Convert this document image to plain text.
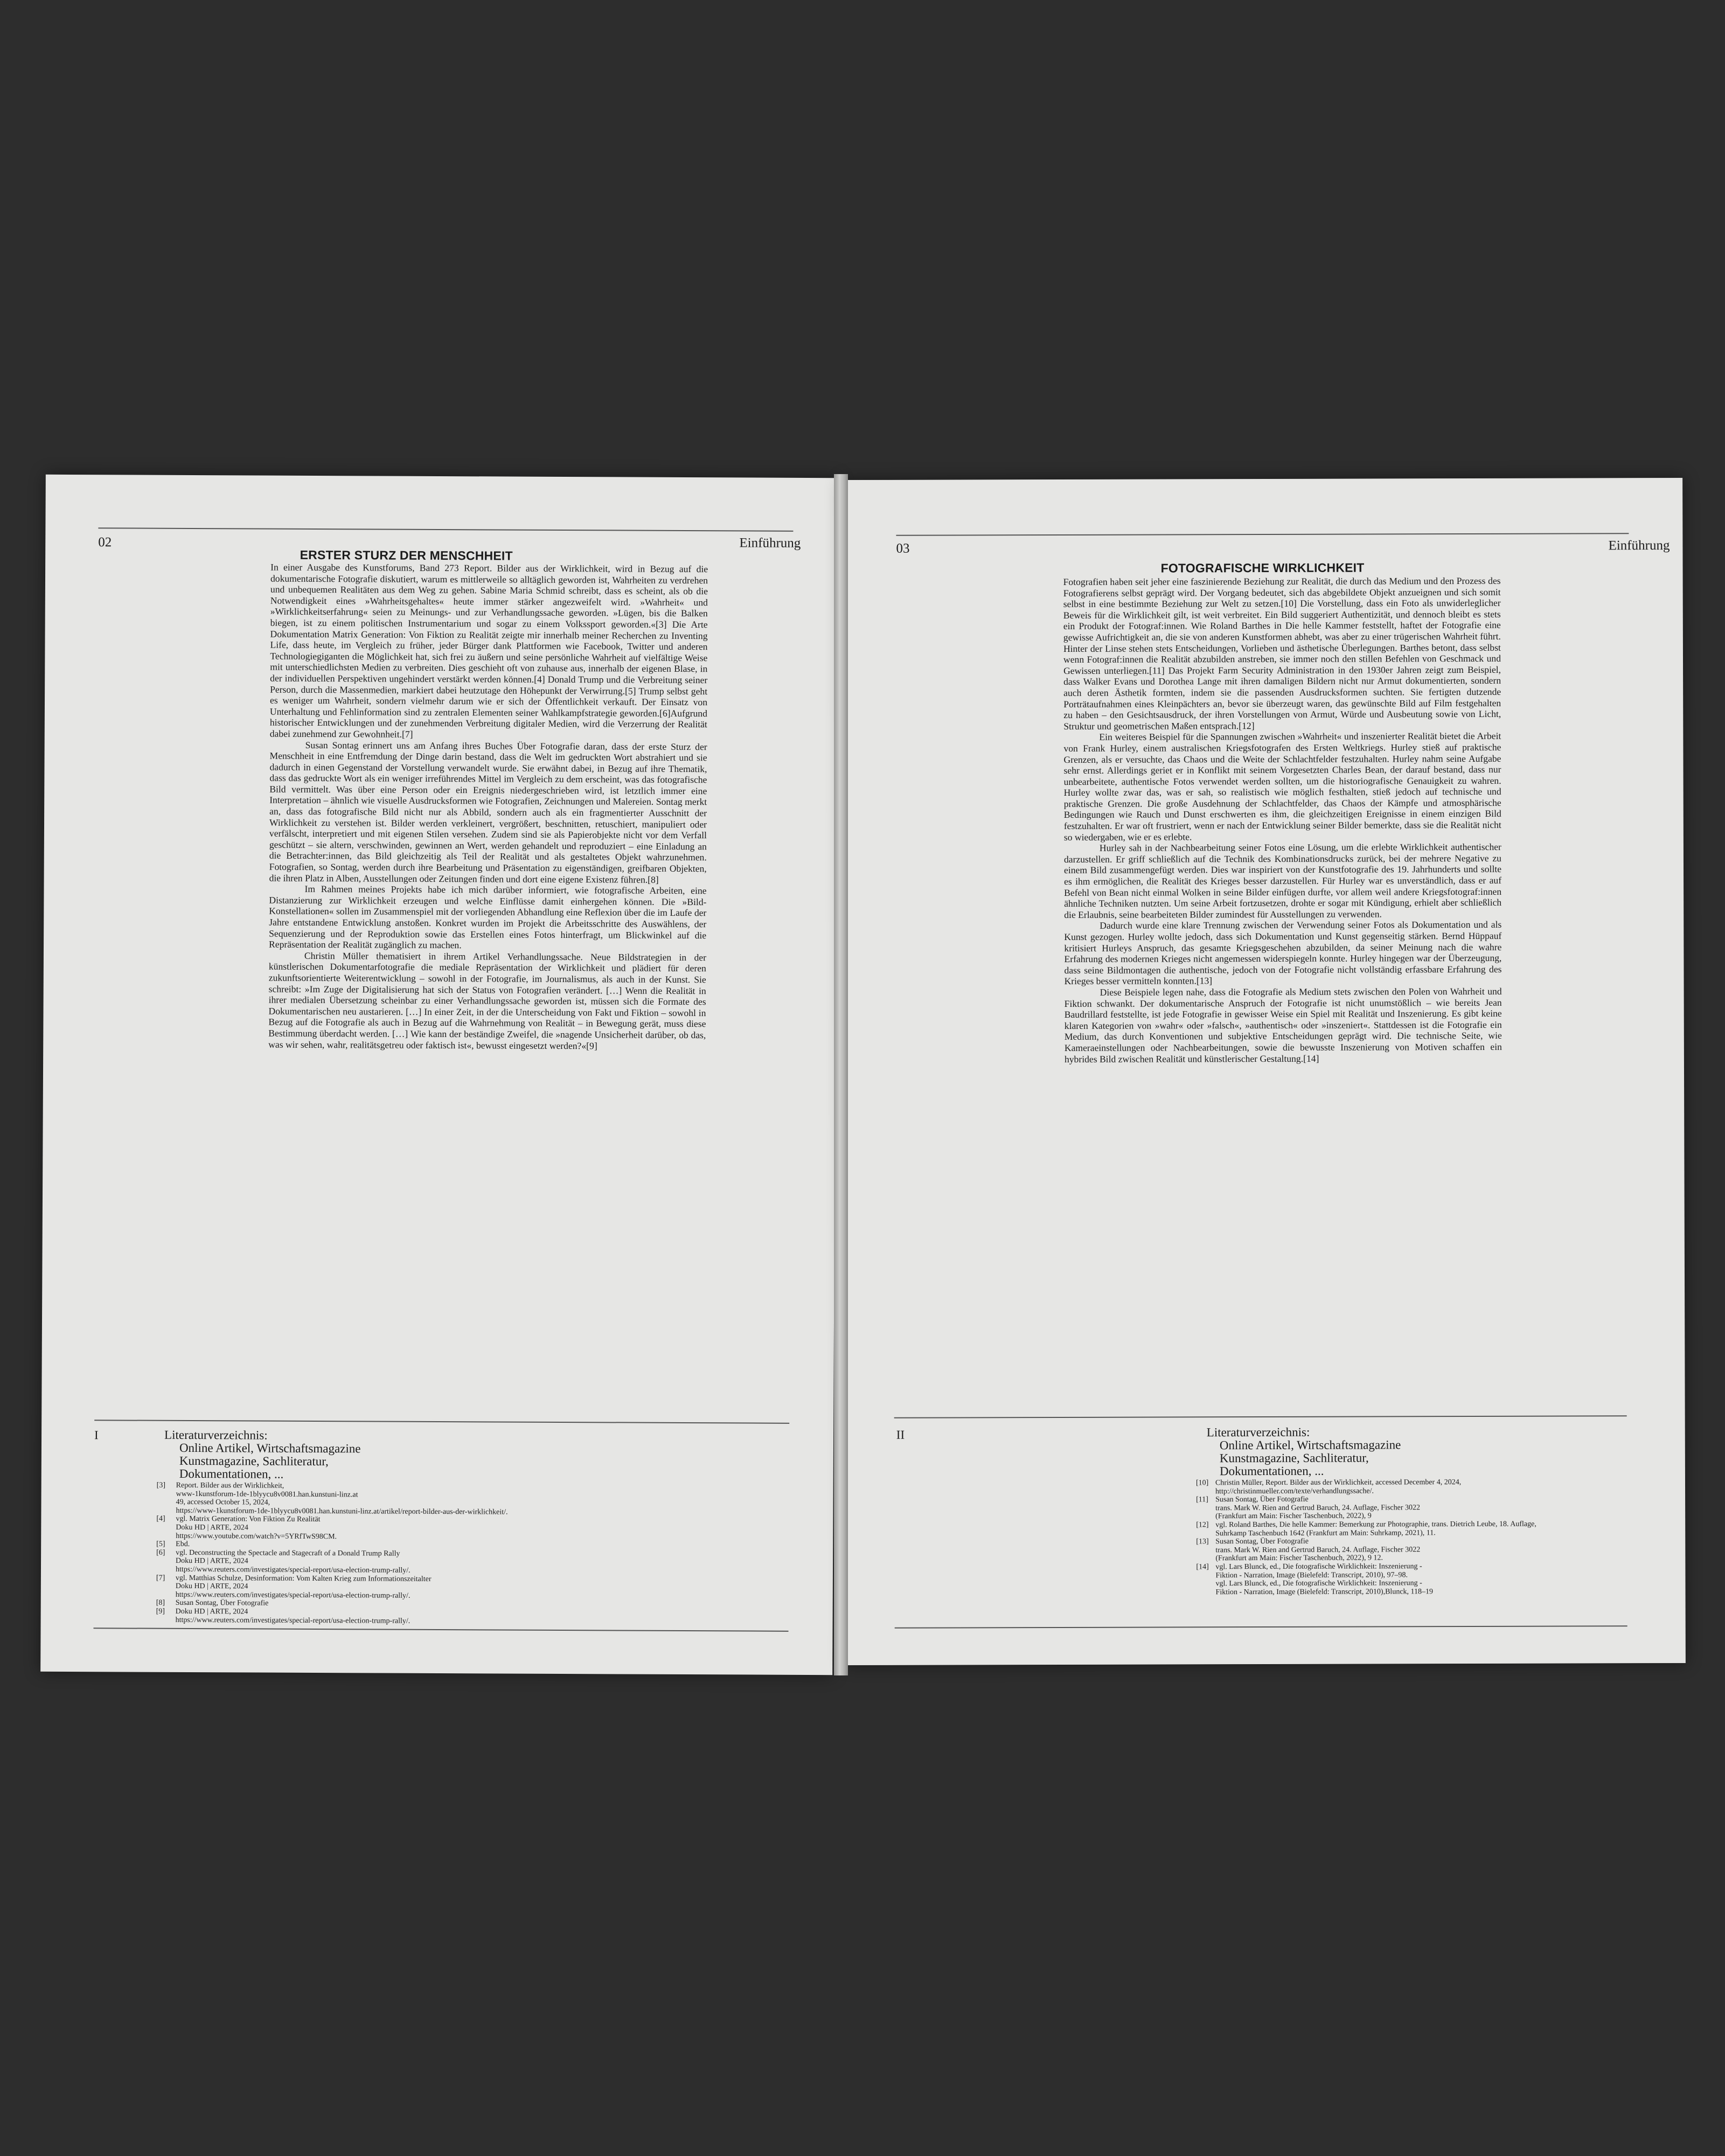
02	Einführung
ERSTER STURZ DER MENSCHHEIT

In einer Ausgabe des Kunstforums, Band 273 Report. Bilder aus der Wirklichkeit, wird in Bezug auf die dokumentarische Fotografie diskutiert, warum es mittlerweile so alltäglich geworden ist, Wahrheiten zu verdrehen und unbequemen Realitäten aus dem Weg zu gehen. Sabine Maria Schmid schreibt, dass es scheint, als ob die Notwendigkeit eines »Wahrheitsgehaltes« heute immer stärker angezweifelt wird. »Wahrheit« und »Wirklichkeitserfahrung« seien zu Meinungs- und zur Verhandlungssache geworden. »Lügen, bis die Balken biegen, ist zu einem politischen Instrumentarium und sogar zu einem Volkssport geworden.«[3] Die Arte Dokumentation Matrix Generation: Von Fiktion zu Realität zeigte mir innerhalb meiner Recherchen zu Inventing Life, dass heute, im Vergleich zu früher, jeder Bürger dank Plattformen wie Facebook, Twitter und anderen Technologiegiganten die Möglichkeit hat, sich frei zu äußern und seine persönliche Wahrheit auf vielfältige Weise mit unterschiedlichsten Medien zu verbreiten. Dies geschieht oft von zuhause aus, innerhalb der eigenen Blase, in der individuellen Perspektiven ungehindert verstärkt werden können.[4] Donald Trump und die Verbreitung seiner Person, durch die Massenmedien, markiert dabei heutzutage den Höhepunkt der Verwirrung.[5] Trump selbst geht es weniger um Wahrheit, sondern vielmehr darum wie er sich der Öffentlichkeit verkauft. Der Einsatz von Unterhaltung und Fehlinformation sind zu zentralen Elementen seiner Wahlkampfstrategie geworden.[6]Aufgrund historischer Entwicklungen und der zunehmenden Verbreitung digitaler Medien, wird die Verzerrung der Realität dabei zunehmend zur Gewohnheit.[7]

Susan Sontag erinnert uns am Anfang ihres Buches Über Fotografie daran, dass der erste Sturz der Menschheit in eine Entfremdung der Dinge darin bestand, dass die Welt im gedruckten Wort abstrahiert und sie dadurch in einen Gegenstand der Vorstellung verwandelt wurde. Sie erwähnt dabei, in Bezug auf ihre Thematik, dass das gedruckte Wort als ein weniger irreführendes Mittel im Vergleich zu dem erscheint, was das fotografische Bild vermittelt. Was über eine Person oder ein Ereignis niedergeschrieben wird, ist letztlich immer eine Interpretation – ähnlich wie visuelle Ausdrucksformen wie Fotografien, Zeichnungen und Malereien. Sontag merkt an, dass das fotografische Bild nicht nur als Abbild, sondern auch als ein fragmentierter Ausschnitt der Wirklichkeit zu verstehen ist. Bilder werden verkleinert, vergrößert, beschnitten, retuschiert, manipuliert oder verfälscht, interpretiert und mit eigenen Stilen versehen. Zudem sind sie als Papierobjekte nicht vor dem Verfall geschützt – sie altern, verschwinden, gewinnen an Wert, werden gehandelt und reproduziert – eine Einladung an die Betrachter:innen, das Bild gleichzeitig als Teil der Realität und als gestaltetes Objekt wahrzunehmen. Fotografien, so Sontag, werden durch ihre Bearbeitung und Präsentation zu eigenständigen, greifbaren Objekten, die ihren Platz in Alben, Ausstellungen oder Zeitungen finden und dort eine eigene Existenz führen.[8]

Im Rahmen meines Projekts habe ich mich darüber informiert, wie fotografische Arbeiten, eine Distanzierung zur Wirklichkeit erzeugen und welche Einflüsse damit einhergehen können. Die »Bild-Konstellationen« sollen im Zusammenspiel mit der vorliegenden Abhandlung eine Reflexion über die im Laufe der Jahre entstandene Entwicklung anstoßen. Konkret wurden im Projekt die Arbeitsschritte des Auswählens, der Sequenzierung und der Reproduktion sowie das Erstellen eines Fotos hinterfragt, um Blickwinkel auf die Repräsentation der Realität zugänglich zu machen.

Christin Müller thematisiert in ihrem Artikel Verhandlungssache. Neue Bildstrategien in der künstlerischen Dokumentarfotografie die mediale Repräsentation der Wirklichkeit und plädiert für deren zukunftsorientierte Weiterentwicklung – sowohl in der Fotografie, im Journalismus, als auch in der Kunst. Sie schreibt: »Im Zuge der Digitalisierung hat sich der Status von Fotografien verändert. […] Wenn die Realität in ihrer medialen Übersetzung scheinbar zu einer Verhandlungssache geworden ist, müssen sich die Formate des Dokumentarischen neu austarieren. […] In einer Zeit, in der die Unterscheidung von Fakt und Fiktion – sowohl in Bezug auf die Fotografie als auch in Bezug auf die Wahrnehmung von Realität – in Bewegung gerät, muss diese Bestimmung überdacht werden. […] Wie kann der beständige Zweifel, die »nagende Unsicherheit darüber, ob das, was wir sehen, wahr, realitätsgetreu oder faktisch ist«, bewusst eingesetzt werden?«[9]

I	Literaturverzeichnis:
Online Artikel, Wirtschaftsmagazine
Kunstmagazine, Sachliteratur,
Dokumentationen, ...
[3]	Report. Bilder aus der Wirklichkeit,
www-1kunstforum-1de-1blyycu8v0081.han.kunstuni-linz.at
49, accessed October 15, 2024,
https://www-1kunstforum-1de-1blyycu8v0081.han.kunstuni-linz.at/artikel/report-bilder-aus-der-wirklichkeit/.
[4]	vgl. Matrix Generation: Von Fiktion Zu Realität
Doku HD | ARTE, 2024
https://www.youtube.com/watch?v=5YRfTwS98CM.
[5]	Ebd.
[6]	vgl. Deconstructing the Spectacle and Stagecraft of a Donald Trump Rally
Doku HD | ARTE, 2024
https://www.reuters.com/investigates/special-report/usa-election-trump-rally/.
[7]	vgl. Matthias Schulze, Desinformation: Vom Kalten Krieg zum Informationszeitalter
Doku HD | ARTE, 2024
https://www.reuters.com/investigates/special-report/usa-election-trump-rally/.
[8]	Susan Sontag, Über Fotografie
[9]	Doku HD | ARTE, 2024
https://www.reuters.com/investigates/special-report/usa-election-trump-rally/.
03	Einführung
FOTOGRAFISCHE WIRKLICHKEIT

Fotografien haben seit jeher eine faszinierende Beziehung zur Realität, die durch das Medium und den Prozess des Fotografierens selbst geprägt wird. Der Vorgang bedeutet, sich das abgebildete Objekt anzueignen und sich somit selbst in eine bestimmte Beziehung zur Welt zu setzen.[10] Die Vorstellung, dass ein Foto als unwiderleglicher Beweis für die Wirklichkeit gilt, ist weit verbreitet. Ein Bild suggeriert Authentizität, und dennoch bleibt es stets ein Produkt der Fotograf:innen. Wie Roland Barthes in Die helle Kammer feststellt, haftet der Fotografie eine gewisse Aufrichtigkeit an, die sie von anderen Kunstformen abhebt, was aber zu einer trügerischen Wahrheit führt. Hinter der Linse stehen stets Entscheidungen, Vorlieben und ästhetische Überlegungen. Barthes betont, dass selbst wenn Fotograf:innen die Realität abzubilden anstreben, sie immer noch den stillen Befehlen von Geschmack und Gewissen unterliegen.[11] Das Projekt Farm Security Administration in den 1930er Jahren zeigt zum Beispiel, dass Walker Evans und Dorothea Lange mit ihren damaligen Bildern nicht nur Armut dokumentierten, sondern auch deren Ästhetik formten, indem sie die passenden Ausdrucksformen suchten. Sie fertigten dutzende Porträtaufnahmen eines Kleinpächters an, bevor sie überzeugt waren, das gewünschte Bild auf Film festgehalten zu haben – den Gesichtsausdruck, der ihren Vorstellungen von Armut, Würde und Ausbeutung sowie von Licht, Struktur und geometrischen Maßen entsprach.[12]

Ein weiteres Beispiel für die Spannungen zwischen »Wahrheit« und inszenierter Realität bietet die Arbeit von Frank Hurley, einem australischen Kriegsfotografen des Ersten Weltkriegs. Hurley stieß auf praktische Grenzen, als er versuchte, das Chaos und die Weite der Schlachtfelder festzuhalten. Hurley nahm seine Aufgabe sehr ernst. Allerdings geriet er in Konflikt mit seinem Vorgesetzten Charles Bean, der darauf bestand, dass nur unbearbeitete, authentische Fotos verwendet werden sollten, um die historiografische Genauigkeit zu wahren. Hurley wollte zwar das, was er sah, so realistisch wie möglich festhalten, stieß jedoch auf technische und praktische Grenzen. Die große Ausdehnung der Schlachtfelder, das Chaos der Kämpfe und atmosphärische Bedingungen wie Rauch und Dunst erschwerten es ihm, die gleichzeitigen Ereignisse in einem einzigen Bild festzuhalten. Er war oft frustriert, wenn er nach der Entwicklung seiner Bilder bemerkte, dass sie die Realität nicht so wiedergaben, wie er es erlebte.

Hurley sah in der Nachbearbeitung seiner Fotos eine Lösung, um die erlebte Wirklichkeit authentischer darzustellen. Er griff schließlich auf die Technik des Kombinationsdrucks zurück, bei der mehrere Negative zu einem Bild zusammengefügt werden. Dies war inspiriert von der Kunstfotografie des 19. Jahrhunderts und sollte es ihm ermöglichen, die Realität des Krieges besser darzustellen. Für Hurley war es unverständlich, dass er auf Befehl von Bean nicht einmal Wolken in seine Bilder einfügen durfte, vor allem weil andere Kriegsfotograf:innen ähnliche Techniken nutzten. Um seine Arbeit fortzusetzen, drohte er sogar mit Kündigung, erhielt aber schließlich die Erlaubnis, seine bearbeiteten Bilder zumindest für Ausstellungen zu verwenden.

Dadurch wurde eine klare Trennung zwischen der Verwendung seiner Fotos als Dokumentation und als Kunst gezogen. Hurley wollte jedoch, dass sich Dokumentation und Kunst gegenseitig stärken. Bernd Hüppauf kritisiert Hurleys Anspruch, das gesamte Kriegsgeschehen abzubilden, da seiner Meinung nach die wahre Erfahrung des modernen Krieges nicht angemessen widerspiegeln konnte. Hurley hingegen war der Überzeugung, dass seine Bildmontagen die authentische, jedoch von der Fotografie nicht vollständig erfassbare Erfahrung des Krieges besser vermitteln konnten.[13]

Diese Beispiele legen nahe, dass die Fotografie als Medium stets zwischen den Polen von Wahrheit und Fiktion schwankt. Der dokumentarische Anspruch der Fotografie ist nicht unumstößlich – wie bereits Jean Baudrillard feststellte, ist jede Fotografie in gewisser Weise ein Spiel mit Realität und Inszenierung. Es gibt keine klaren Kategorien von »wahr« oder »falsch«, »authentisch« oder »inszeniert«. Stattdessen ist die Fotografie ein Medium, das durch Konventionen und subjektive Entscheidungen geprägt wird. Die technische Seite, wie Kameraeinstellungen oder Nachbearbeitungen, sowie die bewusste Inszenierung von Motiven schaffen ein hybrides Bild zwischen Realität und künstlerischer Gestaltung.[14]

II	Literaturverzeichnis:
Online Artikel, Wirtschaftsmagazine
Kunstmagazine, Sachliteratur,
Dokumentationen, ...
[10] Christin Müller, Report. Bilder aus der Wirklichkeit, accessed December 4, 2024,
http://christinmueller.com/texte/verhandlungssache/.
[11] Susan Sontag, Über Fotografie
trans. Mark W. Rien and Gertrud Baruch, 24. Auflage, Fischer 3022
(Frankfurt am Main: Fischer Taschenbuch, 2022), 9
[12] vgl. Roland Barthes, Die helle Kammer: Bemerkung zur Photographie, trans. Dietrich Leube, 18. Auflage,
Suhrkamp Taschenbuch 1642 (Frankfurt am Main: Suhrkamp, 2021), 11.
[13] Susan Sontag, Über Fotografie
trans. Mark W. Rien and Gertrud Baruch, 24. Auflage, Fischer 3022
(Frankfurt am Main: Fischer Taschenbuch, 2022), 9 12.
[14] vgl. Lars Blunck, ed., Die fotografische Wirklichkeit: Inszenierung -
Fiktion - Narration, Image (Bielefeld: Transcript, 2010), 97–98.
vgl. Lars Blunck, ed., Die fotografische Wirklichkeit: Inszenierung -
Fiktion - Narration, Image (Bielefeld: Transcript, 2010),Blunck, 118–19
